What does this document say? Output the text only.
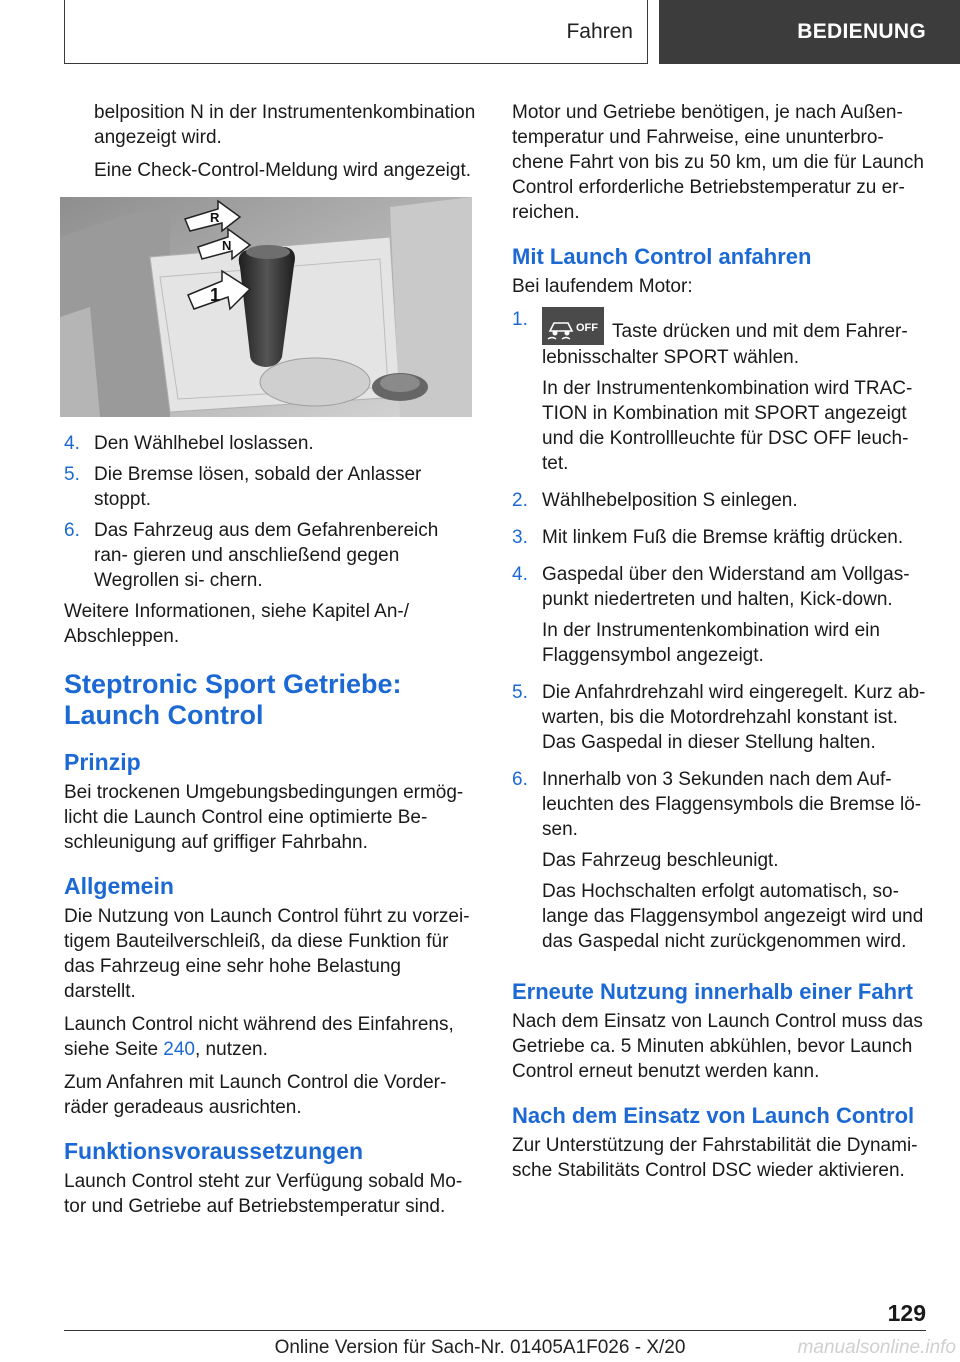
Fahren	BEDIENUNG

belposition N in der Instrumentenkombination angezeigt wird.

Eine Check-Control-Meldung wird angezeigt.

R
N
1
4. Den Wählhebel loslassen.
5. Die Bremse lösen, sobald der Anlasser stoppt.
6. Das Fahrzeug aus dem Gefahrenbereich ran- gieren und anschließend gegen Wegrollen si- chern.

Weitere Informationen, siehe Kapitel An-/ Abschleppen.

Steptronic Sport Getriebe: Launch Control
Prinzip

Bei trockenen Umgebungsbedingungen ermög- licht die Launch Control eine optimierte Be- schleunigung auf griffiger Fahrbahn.

Allgemein

Die Nutzung von Launch Control führt zu vorzei- tigem Bauteilverschleiß, da diese Funktion für das Fahrzeug eine sehr hohe Belastung darstellt.

Launch Control nicht während des Einfahrens, siehe Seite 240, nutzen.

Zum Anfahren mit Launch Control die Vorder- räder geradeaus ausrichten.

Funktionsvoraussetzungen

Launch Control steht zur Verfügung sobald Mo- tor und Getriebe auf Betriebstemperatur sind.

Motor und Getriebe benötigen, je nach Außen- temperatur und Fahrweise, eine ununterbro- chene Fahrt von bis zu 50 km, um die für Launch Control erforderliche Betriebstemperatur zu er- reichen.

Mit Launch Control anfahren

Bei laufendem Motor:

1.	OFF Taste drücken und mit dem Fahrer- lebnisschalter SPORT wählen.

In der Instrumentenkombination wird TRAC- TION in Kombination mit SPORT angezeigt und die Kontrollleuchte für DSC OFF leuch- tet.

2. Wählhebelposition S einlegen.

3. Mit linkem Fuß die Bremse kräftig drücken.

4. Gaspedal über den Widerstand am Vollgas- punkt niedertreten und halten, Kick-down.

In der Instrumentenkombination wird ein Flaggensymbol angezeigt.

5. Die Anfahrdrehzahl wird eingeregelt. Kurz ab- warten, bis die Motordrehzahl konstant ist. Das Gaspedal in dieser Stellung halten.

6. Innerhalb von 3 Sekunden nach dem Auf- leuchten des Flaggensymbols die Bremse lö- sen.

Das Fahrzeug beschleunigt.

Das Hochschalten erfolgt automatisch, so- lange das Flaggensymbol angezeigt wird und das Gaspedal nicht zurückgenommen wird.

Erneute Nutzung innerhalb einer Fahrt

Nach dem Einsatz von Launch Control muss das Getriebe ca. 5 Minuten abkühlen, bevor Launch Control erneut benutzt werden kann.

Nach dem Einsatz von Launch Control

Zur Unterstützung der Fahrstabilität die Dynami- sche Stabilitäts Control DSC wieder aktivieren.

129
Online Version für Sach-Nr. 01405A1F026 - X/20	manualsonline.info
